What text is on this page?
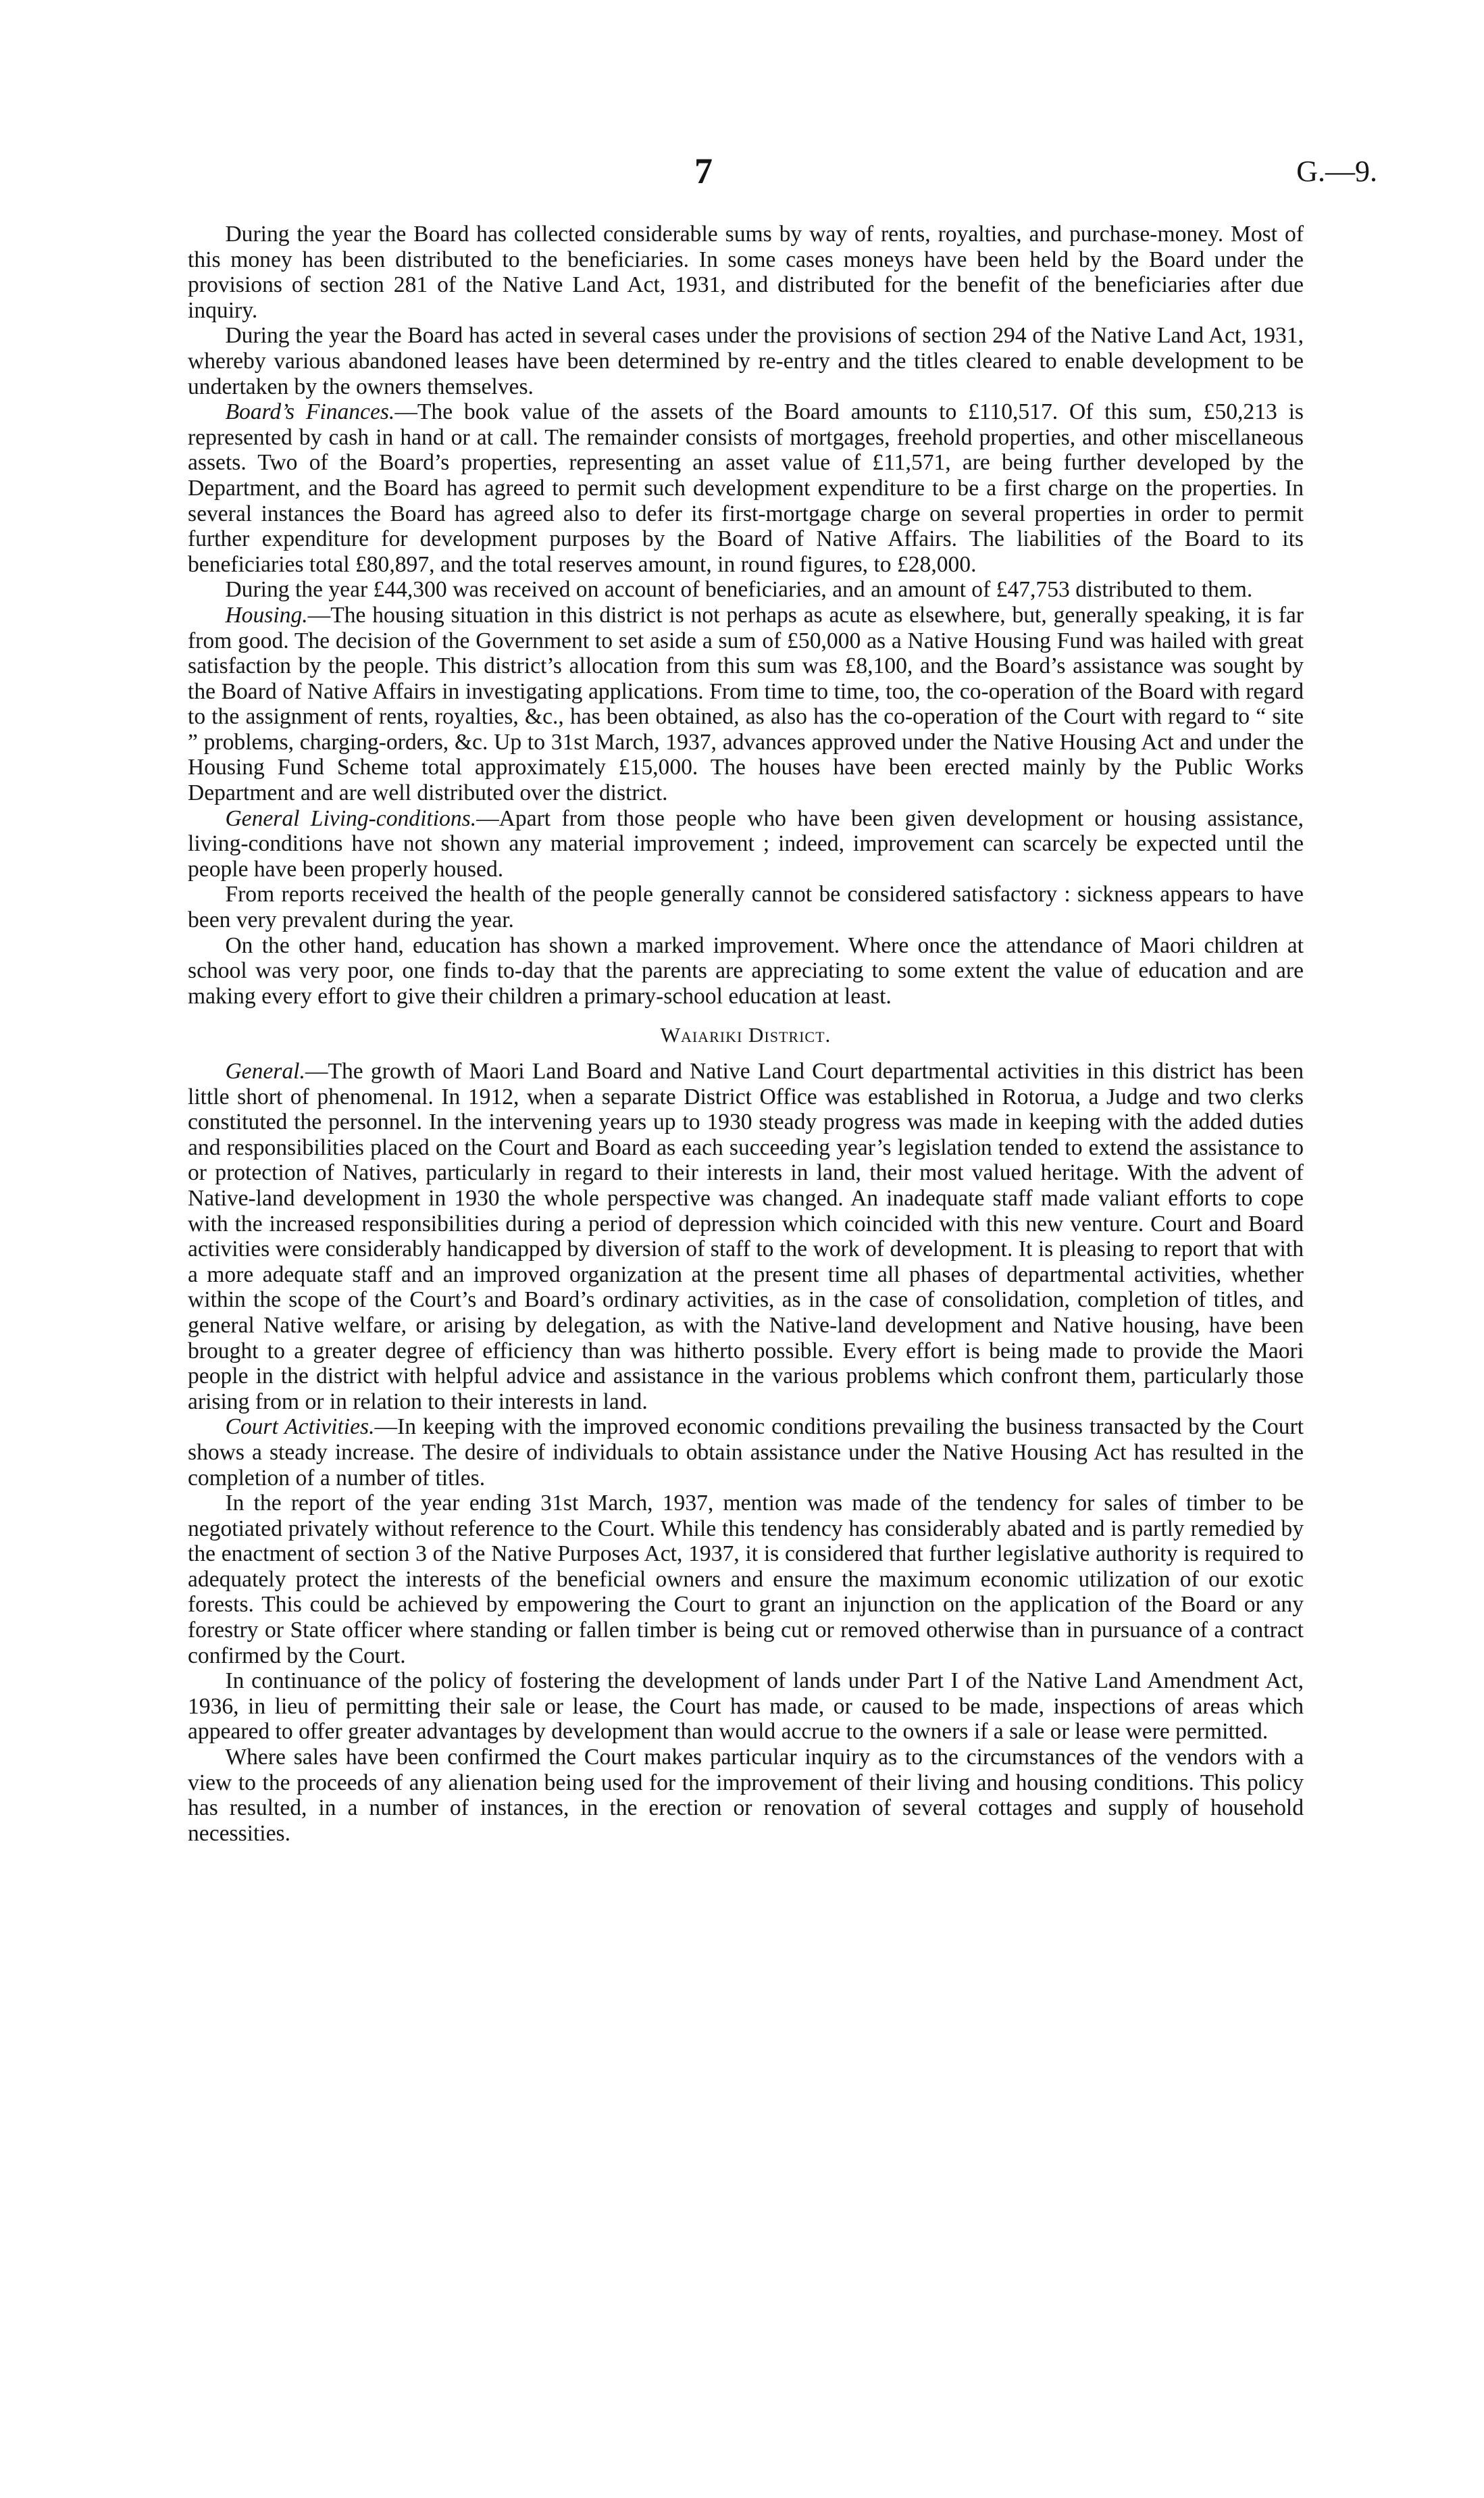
7	G.—9.

During the year the Board has collected considerable sums by way of rents, royalties, and purchase-money. Most of this money has been distributed to the beneficiaries. In some cases moneys have been held by the Board under the provisions of section 281 of the Native Land Act, 1931, and distributed for the benefit of the beneficiaries after due inquiry.

During the year the Board has acted in several cases under the provisions of section 294 of the Native Land Act, 1931, whereby various abandoned leases have been determined by re-entry and the titles cleared to enable development to be undertaken by the owners themselves.

Board’s Finances.—The book value of the assets of the Board amounts to £110,517. Of this sum, £50,213 is represented by cash in hand or at call. The remainder consists of mortgages, freehold properties, and other miscellaneous assets. Two of the Board’s properties, representing an asset value of £11,571, are being further developed by the Department, and the Board has agreed to permit such development expenditure to be a first charge on the properties. In several instances the Board has agreed also to defer its first-mortgage charge on several properties in order to permit further expenditure for development purposes by the Board of Native Affairs. The liabilities of the Board to its beneficiaries total £80,897, and the total reserves amount, in round figures, to £28,000.

During the year £44,300 was received on account of beneficiaries, and an amount of £47,753 distributed to them.

Housing.—The housing situation in this district is not perhaps as acute as elsewhere, but, generally speaking, it is far from good. The decision of the Government to set aside a sum of £50,000 as a Native Housing Fund was hailed with great satisfaction by the people. This district’s allocation from this sum was £8,100, and the Board’s assistance was sought by the Board of Native Affairs in investigating applications. From time to time, too, the co-operation of the Board with regard to the assignment of rents, royalties, &c., has been obtained, as also has the co-operation of the Court with regard to “ site ” problems, charging-orders, &c. Up to 31st March, 1937, advances approved under the Native Housing Act and under the Housing Fund Scheme total approximately £15,000. The houses have been erected mainly by the Public Works Department and are well distributed over the district.

General Living-conditions.—Apart from those people who have been given development or housing assistance, living-conditions have not shown any material improvement ; indeed, improvement can scarcely be expected until the people have been properly housed.

From reports received the health of the people generally cannot be considered satisfactory : sickness appears to have been very prevalent during the year.

On the other hand, education has shown a marked improvement. Where once the attendance of Maori children at school was very poor, one finds to-day that the parents are appreciating to some extent the value of education and are making every effort to give their children a primary-school education at least.

Waiariki District.

General.—The growth of Maori Land Board and Native Land Court departmental activities in this district has been little short of phenomenal. In 1912, when a separate District Office was established in Rotorua, a Judge and two clerks constituted the personnel. In the intervening years up to 1930 steady progress was made in keeping with the added duties and responsibilities placed on the Court and Board as each succeeding year’s legislation tended to extend the assistance to or protection of Natives, particularly in regard to their interests in land, their most valued heritage. With the advent of Native-land development in 1930 the whole perspective was changed. An inadequate staff made valiant efforts to cope with the increased responsibilities during a period of depression which coincided with this new venture. Court and Board activities were considerably handicapped by diversion of staff to the work of development. It is pleasing to report that with a more adequate staff and an improved organization at the present time all phases of departmental activities, whether within the scope of the Court’s and Board’s ordinary activities, as in the case of consolidation, completion of titles, and general Native welfare, or arising by delegation, as with the Native-land development and Native housing, have been brought to a greater degree of efficiency than was hitherto possible. Every effort is being made to provide the Maori people in the district with helpful advice and assistance in the various problems which confront them, particularly those arising from or in relation to their interests in land.

Court Activities.—In keeping with the improved economic conditions prevailing the business transacted by the Court shows a steady increase. The desire of individuals to obtain assistance under the Native Housing Act has resulted in the completion of a number of titles.

In the report of the year ending 31st March, 1937, mention was made of the tendency for sales of timber to be negotiated privately without reference to the Court. While this tendency has considerably abated and is partly remedied by the enactment of section 3 of the Native Purposes Act, 1937, it is considered that further legislative authority is required to adequately protect the interests of the beneficial owners and ensure the maximum economic utilization of our exotic forests. This could be achieved by empowering the Court to grant an injunction on the application of the Board or any forestry or State officer where standing or fallen timber is being cut or removed otherwise than in pursuance of a contract confirmed by the Court.

In continuance of the policy of fostering the development of lands under Part I of the Native Land Amendment Act, 1936, in lieu of permitting their sale or lease, the Court has made, or caused to be made, inspections of areas which appeared to offer greater advantages by development than would accrue to the owners if a sale or lease were permitted.

Where sales have been confirmed the Court makes particular inquiry as to the circumstances of the vendors with a view to the proceeds of any alienation being used for the improvement of their living and housing conditions. This policy has resulted, in a number of instances, in the erection or renovation of several cottages and supply of household necessities.
